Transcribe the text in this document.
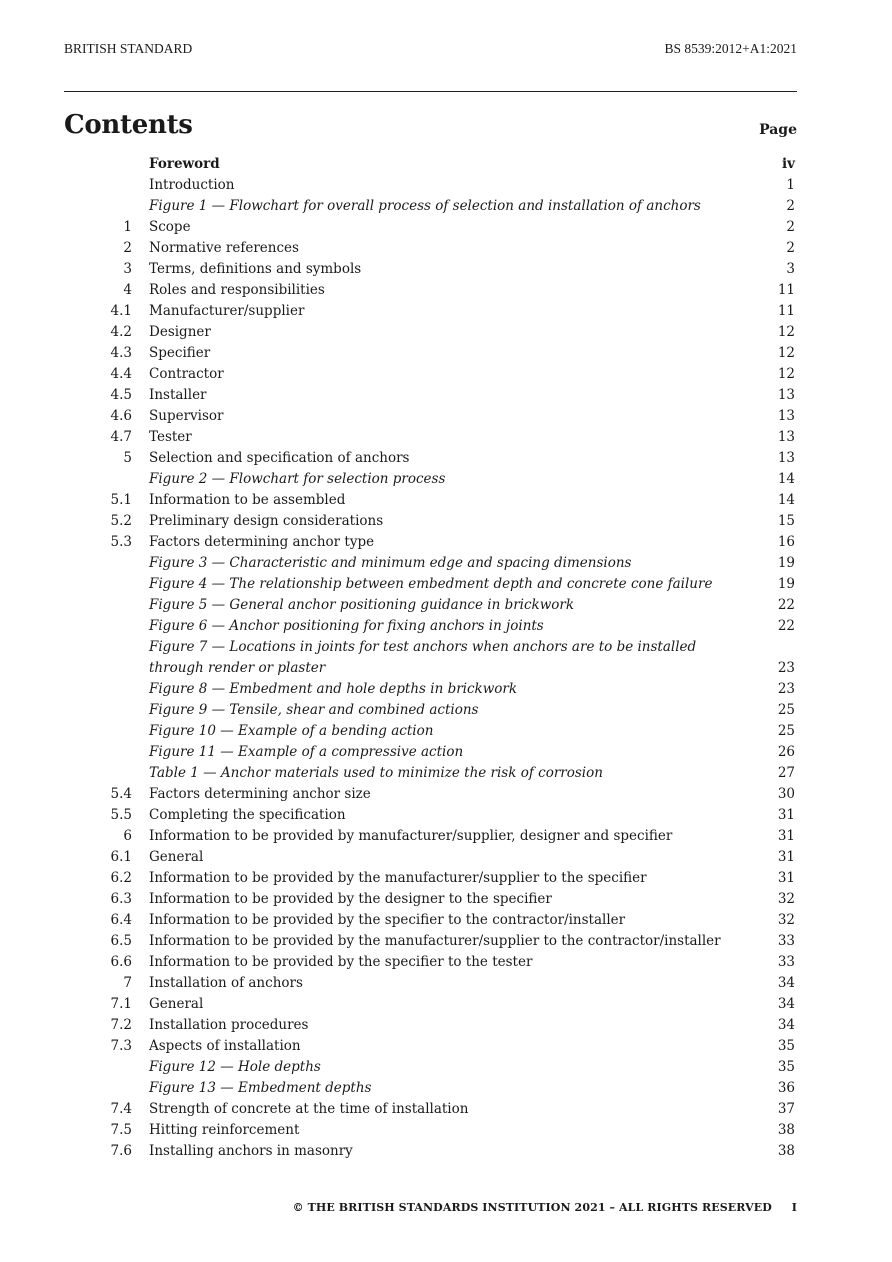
BRITISH STANDARD	BS 8539:2012+A1:2021
Contents	Page
Foreword	iv
Introduction	1
Figure 1 — Flowchart for overall process of selection and installation of anchors	2
1 Scope	2
2 Normative references	2
3 Terms, definitions and symbols	3
4 Roles and responsibilities	11
4.1 Manufacturer/supplier	11
4.2 Designer	12
4.3 Specifier	12
4.4 Contractor	12
4.5 Installer	13
4.6 Supervisor	13
4.7 Tester	13
5 Selection and specification of anchors	13
Figure 2 — Flowchart for selection process	14
5.1 Information to be assembled	14
5.2 Preliminary design considerations	15
5.3 Factors determining anchor type	16
Figure 3 — Characteristic and minimum edge and spacing dimensions	19
Figure 4 — The relationship between embedment depth and concrete cone failure	19
Figure 5 — General anchor positioning guidance in brickwork	22
Figure 6 — Anchor positioning for fixing anchors in joints	22
Figure 7 — Locations in joints for test anchors when anchors are to be installed through render or plaster	23
Figure 8 — Embedment and hole depths in brickwork	23
Figure 9 — Tensile, shear and combined actions	25
Figure 10 — Example of a bending action	25
Figure 11 — Example of a compressive action	26
Table 1 — Anchor materials used to minimize the risk of corrosion	27
5.4 Factors determining anchor size	30
5.5 Completing the specification	31
6 Information to be provided by manufacturer/supplier, designer and specifier	31
6.1 General	31
6.2 Information to be provided by the manufacturer/supplier to the specifier	31
6.3 Information to be provided by the designer to the specifier	32
6.4 Information to be provided by the specifier to the contractor/installer	32
6.5 Information to be provided by the manufacturer/supplier to the contractor/installer	33
6.6 Information to be provided by the specifier to the tester	33
7 Installation of anchors	34
7.1 General	34
7.2 Installation procedures	34
7.3 Aspects of installation	35
Figure 12 — Hole depths	35
Figure 13 — Embedment depths	36
7.4 Strength of concrete at the time of installation	37
7.5 Hitting reinforcement	38
7.6 Installing anchors in masonry	38
© THE BRITISH STANDARDS INSTITUTION 2021 – ALL RIGHTS RESERVED I
